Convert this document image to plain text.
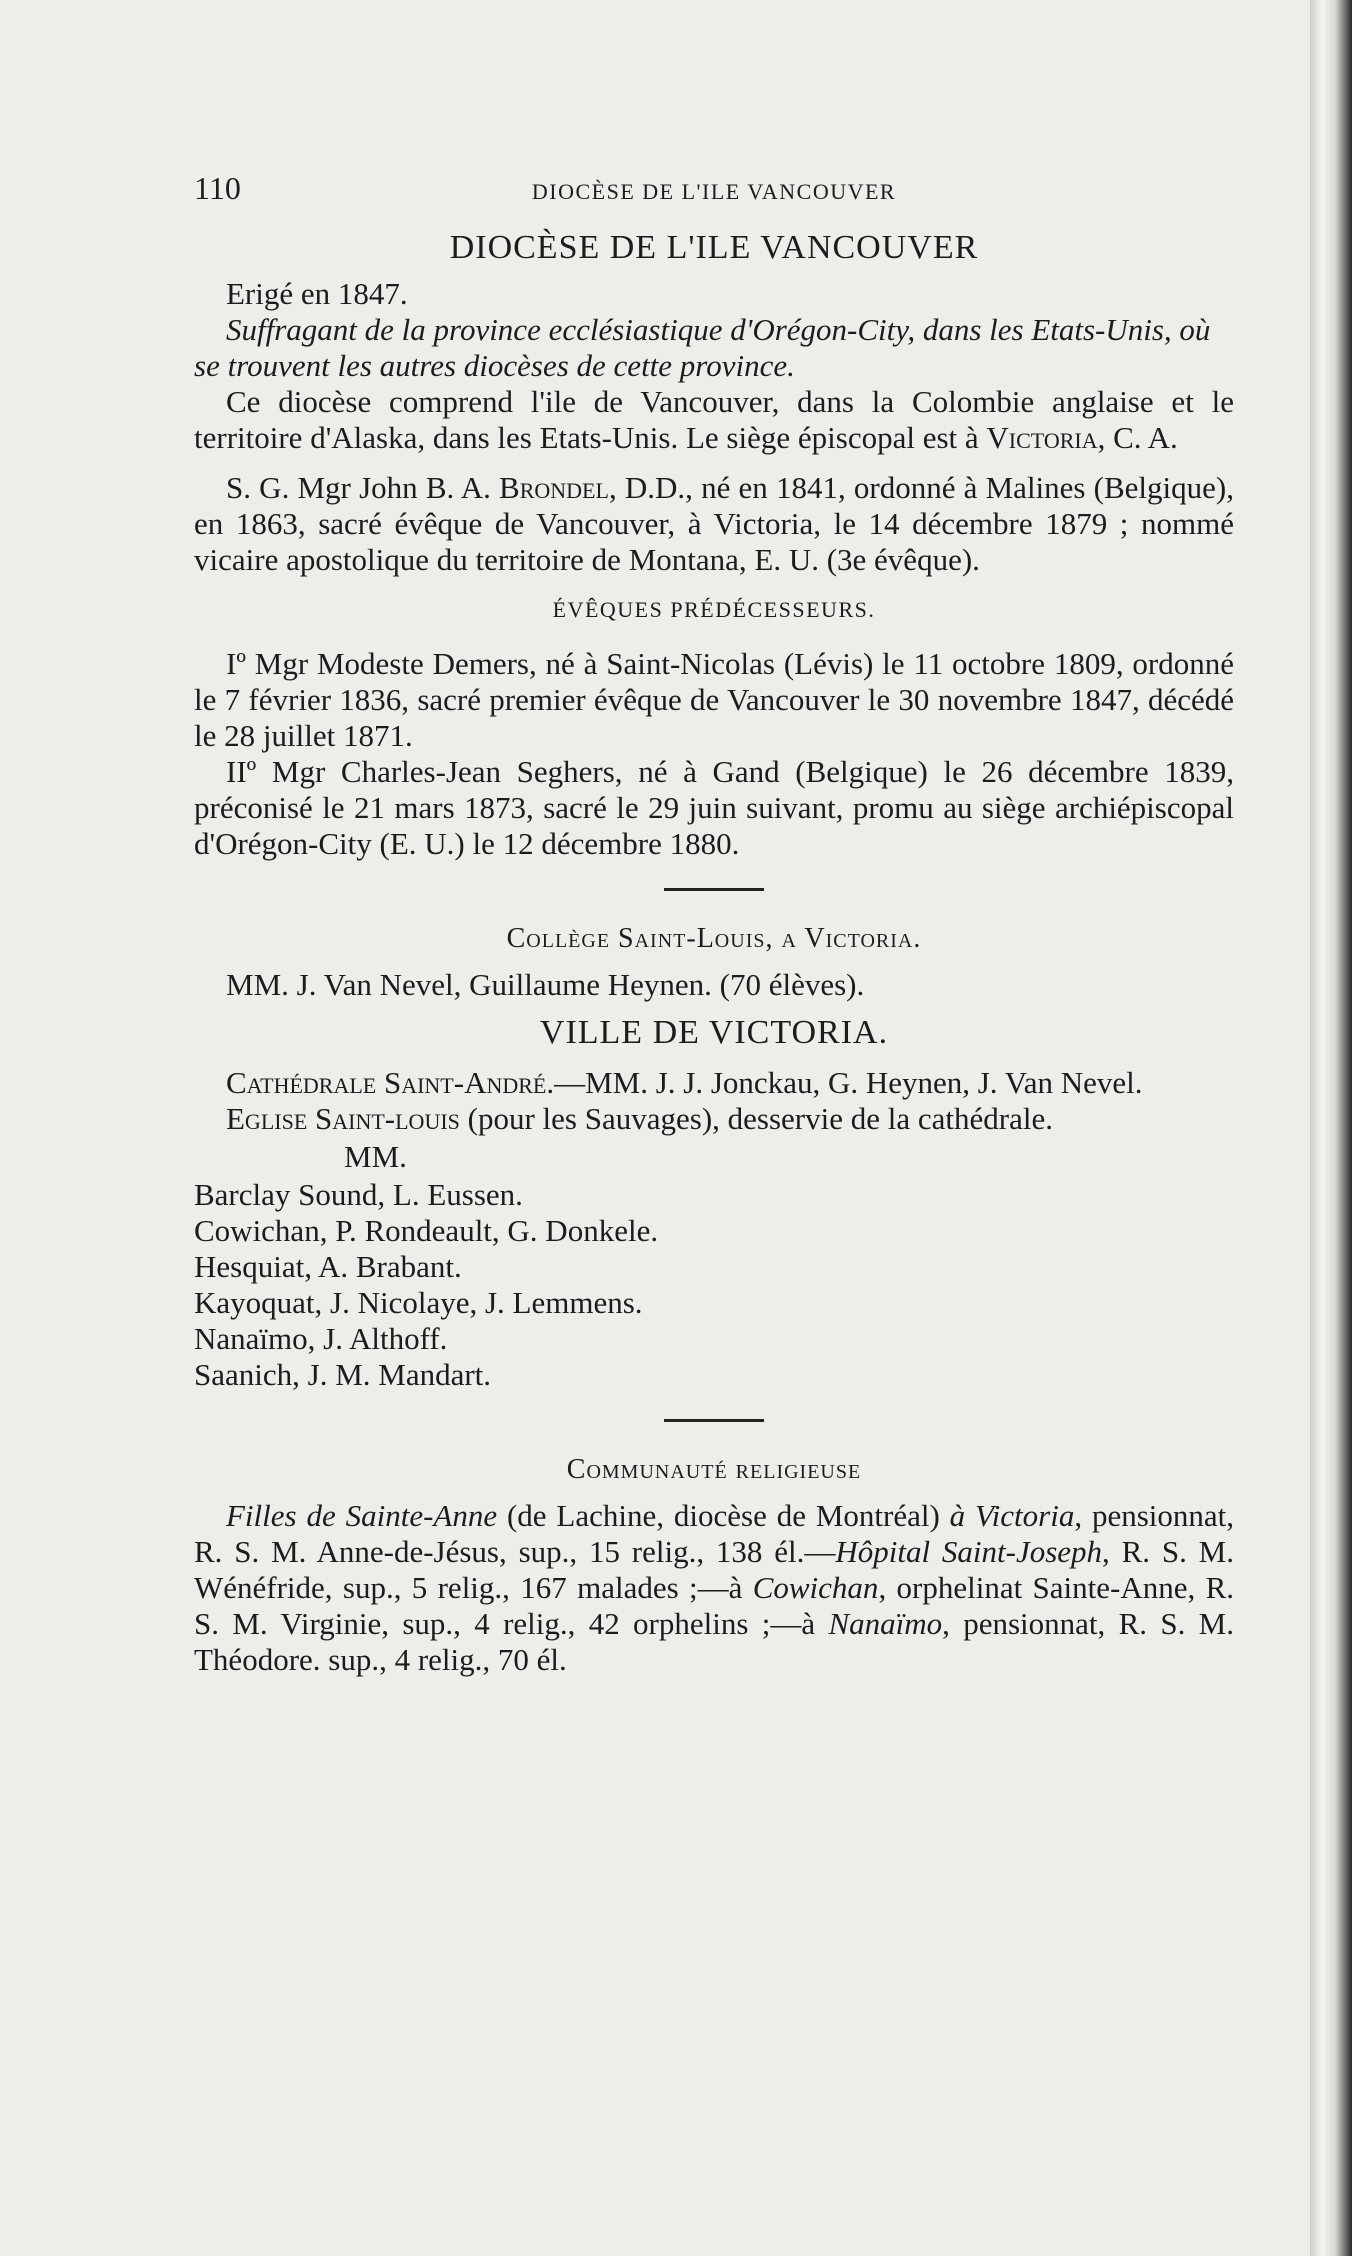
110	DIOCÈSE DE L'ILE VANCOUVER
DIOCÈSE DE L'ILE VANCOUVER

Erigé en 1847.

Suffragant de la province ecclésiastique d'Orégon-City, dans les Etats-Unis, où se trouvent les autres diocèses de cette province.

Ce diocèse comprend l'ile de Vancouver, dans la Colombie anglaise et le territoire d'Alaska, dans les Etats-Unis. Le siège épiscopal est à Victoria, C. A.

S. G. Mgr John B. A. Brondel, D.D., né en 1841, ordonné à Malines (Belgique), en 1863, sacré évêque de Vancouver, à Victoria, le 14 décembre 1879 ; nommé vicaire apostolique du territoire de Montana, E. U. (3e évêque).

ÉVÊQUES PRÉDÉCESSEURS.

Iº Mgr Modeste Demers, né à Saint-Nicolas (Lévis) le 11 octobre 1809, ordonné le 7 février 1836, sacré premier évêque de Vancouver le 30 novembre 1847, décédé le 28 juillet 1871.

IIº Mgr Charles-Jean Seghers, né à Gand (Belgique) le 26 décembre 1839, préconisé le 21 mars 1873, sacré le 29 juin suivant, promu au siège archiépiscopal d'Orégon-City (E. U.) le 12 décembre 1880.

Collège Saint-Louis, a Victoria.

MM. J. Van Nevel, Guillaume Heynen. (70 élèves).

VILLE DE VICTORIA.

Cathédrale Saint-André.—MM. J. J. Jonckau, G. Heynen, J. Van Nevel.

Eglise Saint-louis (pour les Sauvages), desservie de la cathédrale.

MM.

Barclay Sound, L. Eussen.

Cowichan, P. Rondeault, G. Donkele.

Hesquiat, A. Brabant.

Kayoquat, J. Nicolaye, J. Lemmens.

Nanaïmo, J. Althoff.

Saanich, J. M. Mandart.

Communauté religieuse

Filles de Sainte-Anne (de Lachine, diocèse de Montréal) à Victoria, pensionnat, R. S. M. Anne-de-Jésus, sup., 15 relig., 138 él.—Hôpital Saint-Joseph, R. S. M. Wénéfride, sup., 5 relig., 167 malades ;—à Cowichan, orphelinat Sainte-Anne, R. S. M. Virginie, sup., 4 relig., 42 orphelins ;—à Nanaïmo, pensionnat, R. S. M. Théodore. sup., 4 relig., 70 él.
